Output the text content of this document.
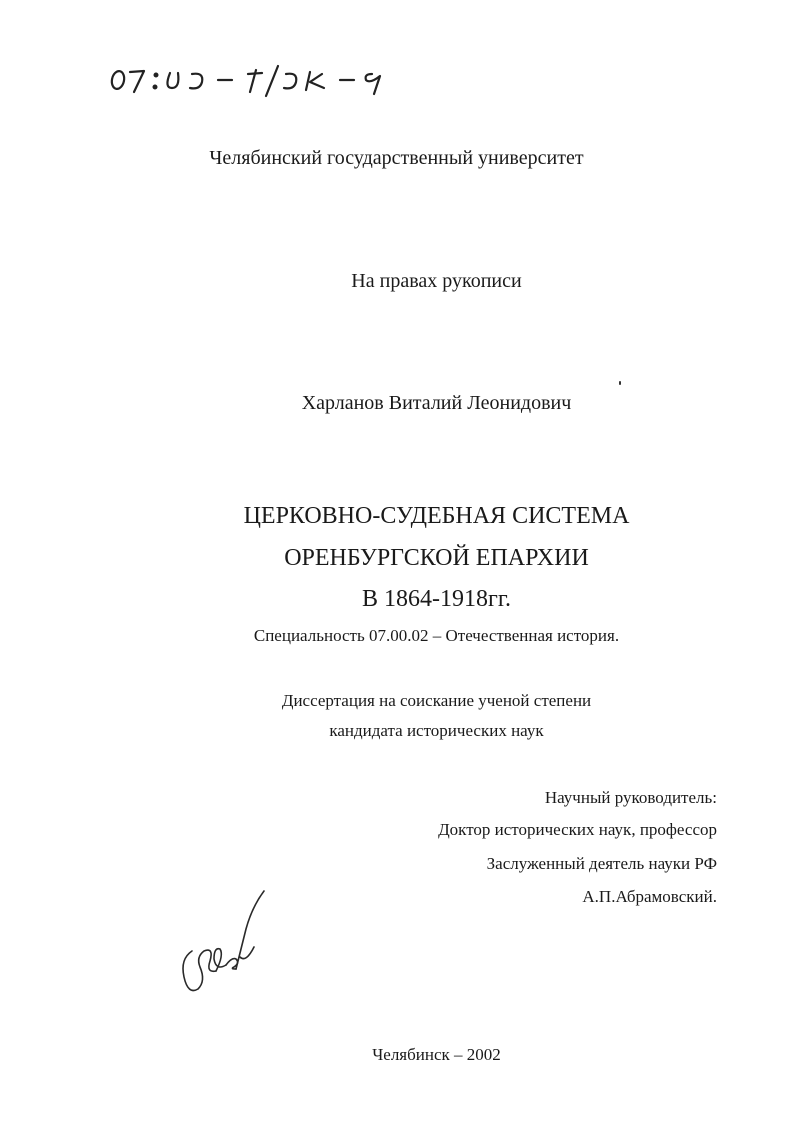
Челябинский государственный университет
На правах рукописи
Харланов Виталий Леонидович
ЦЕРКОВНО-СУДЕБНАЯ СИСТЕМА
ОРЕНБУРГСКОЙ ЕПАРХИИ
В 1864-1918гг.
Специальность 07.00.02 – Отечественная история.
Диссертация на соискание ученой степени
кандидата исторических наук
Научный руководитель:
Доктор исторических наук, профессор
Заслуженный деятель науки РФ
А.П.Абрамовский.
Челябинск – 2002
